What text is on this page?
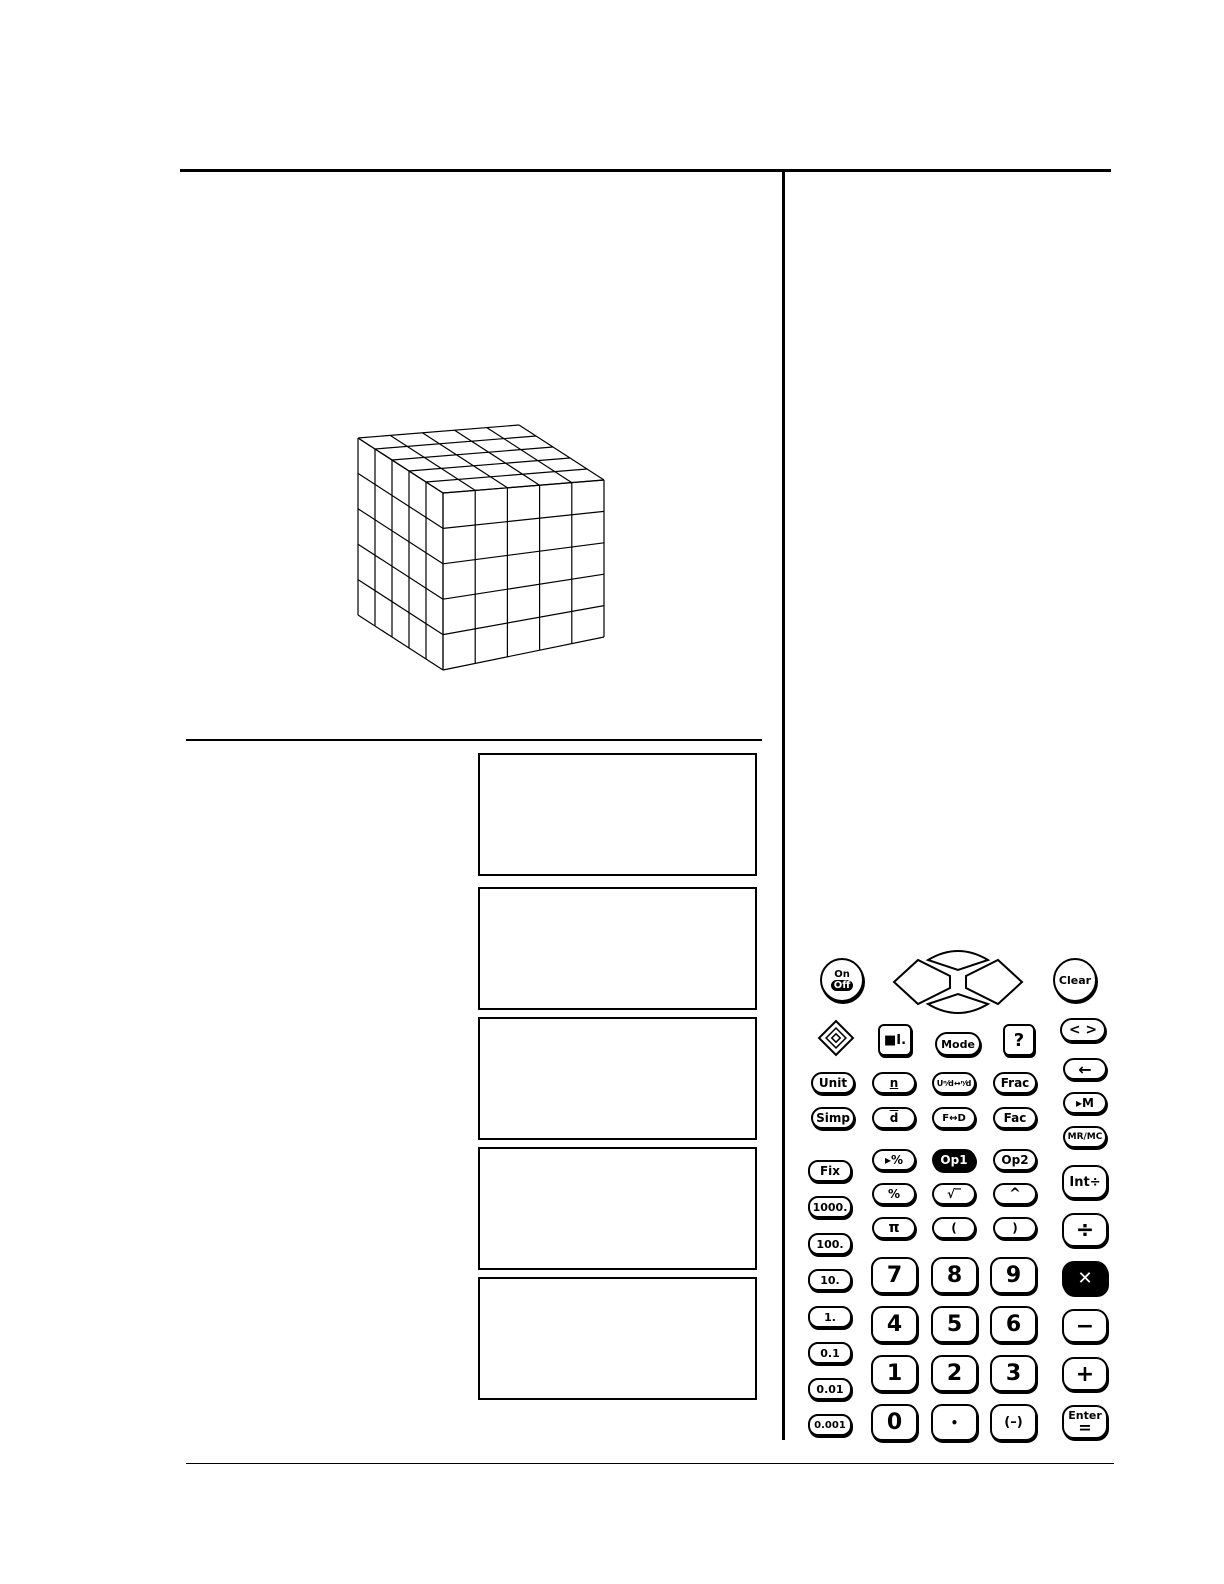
On
Off	Clear
< >
←
▸M
MR/MC
Int÷
÷
✕
−
+
Enter
=
■I.	Mode ?
Unit	n	Uⁿ⁄d↔ⁿ⁄d Frac
Simp	d	F↔D	Fac
▸%	Op1	Op2
%	√‾	^
π	(	)
Fix
1000.
100.
10.
1.
0.1
0.01
0.001
7 8 9
4 5 6
1 2 3
0	•	(–)
